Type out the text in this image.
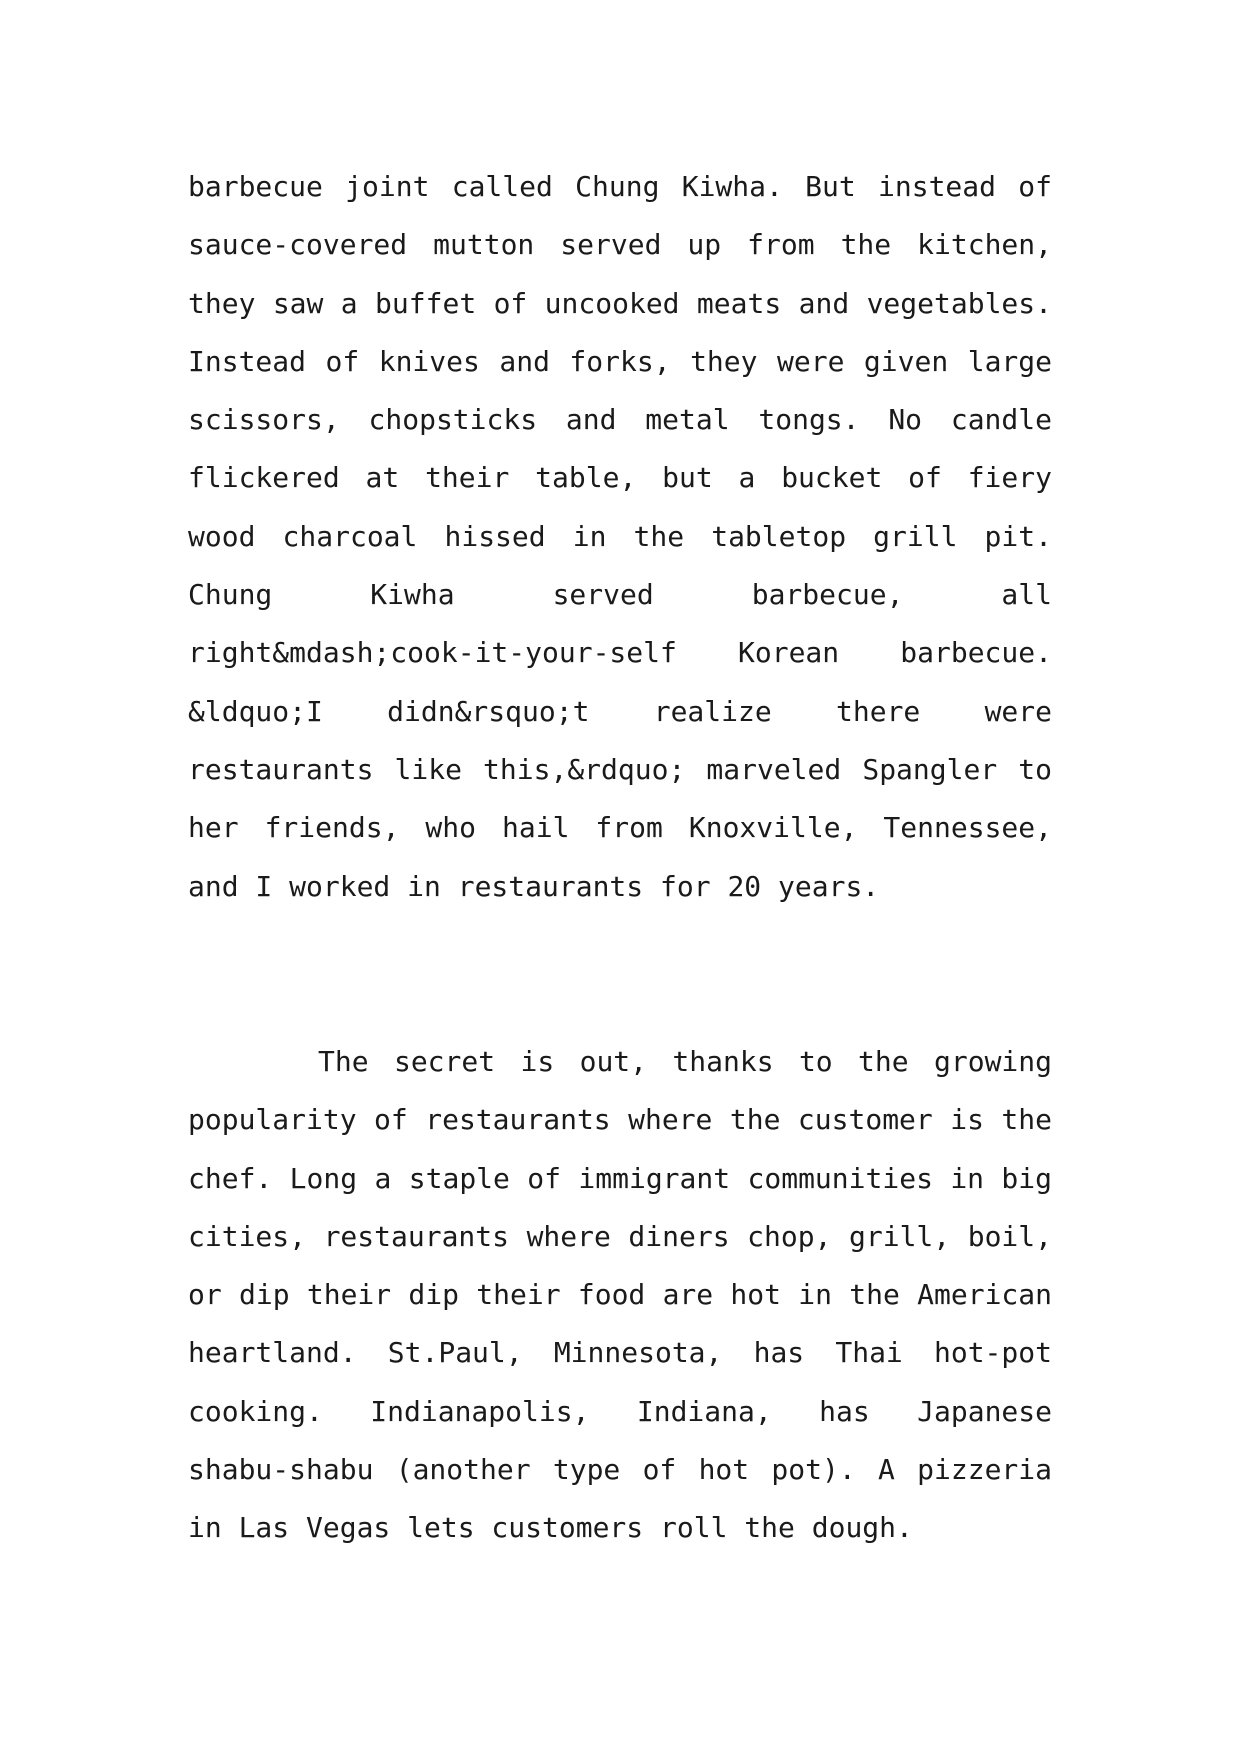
barbecue joint called Chung Kiwha. But instead of
sauce-covered mutton served up from the kitchen,
they saw a buffet of uncooked meats and vegetables.
Instead of knives and forks, they were given large
scissors, chopsticks and metal tongs. No candle
flickered at their table, but a bucket of fiery
wood charcoal hissed in the tabletop grill pit.
Chung Kiwha served barbecue, all
right&mdash;cook-it-your-self Korean barbecue.
&ldquo;I didn&rsquo;t realize there were
restaurants like this,&rdquo; marveled Spangler to
her friends, who hail from Knoxville, Tennessee,
and I worked in restaurants for 20 years.
The secret is out, thanks to the growing
popularity of restaurants where the customer is the
chef. Long a staple of immigrant communities in big
cities, restaurants where diners chop, grill, boil,
or dip their dip their food are hot in the American
heartland. St.Paul, Minnesota, has Thai hot-pot
cooking. Indianapolis, Indiana, has Japanese
shabu-shabu (another type of hot pot). A pizzeria
in Las Vegas lets customers roll the dough.
